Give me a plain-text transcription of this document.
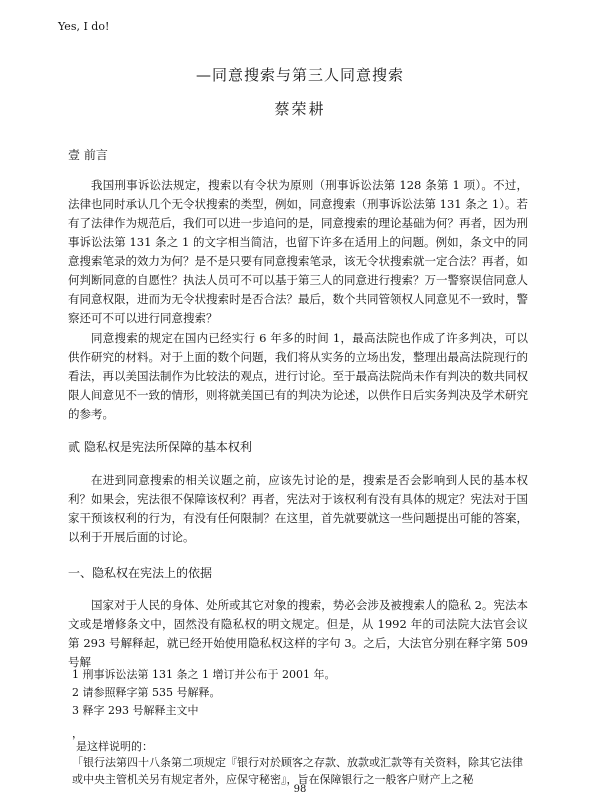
Yes, I do!
—同意搜索与第三人同意搜索
蔡荣耕
壹 前言

我国刑事诉讼法规定，搜索以有令状为原则（刑事诉讼法第 128 条第 1 项）。不过，法律也同时承认几个无令状搜索的类型，例如，同意搜索（刑事诉讼法第 131 条之 1）。若有了法律作为规范后，我们可以进一步追问的是，同意搜索的理论基础为何？再者，因为刑事诉讼法第 131 条之 1 的文字相当简洁，也留下许多在适用上的问题。例如，条文中的同意搜索笔录的效力为何？是不是只要有同意搜索笔录，该无令状搜索就一定合法？再者，如何判断同意的自愿性？执法人员可不可以基于第三人的同意进行搜索？万一警察误信同意人有同意权限，进而为无令状搜索时是否合法？最后，数个共同管领权人同意见不一致时，警察还可不可以进行同意搜索？

同意搜索的规定在国内已经实行 6 年多的时间 1，最高法院也作成了许多判决，可以供作研究的材料。对于上面的数个问题，我们将从实务的立场出发，整理出最高法院现行的看法，再以美国法制作为比较法的观点，进行讨论。至于最高法院尚未作有判决的数共同权限人间意见不一致的情形，则将就美国已有的判决为论述，以供作日后实务判决及学术研究的参考。

贰 隐私权是宪法所保障的基本权利

在进到同意搜索的相关议题之前，应该先讨论的是，搜索是否会影响到人民的基本权利？如果会，宪法很不保障该权利？再者，宪法对于该权利有没有具体的规定？宪法对于国家干预该权利的行为，有没有任何限制？在这里，首先就要就这一些问题提出可能的答案，以利于开展后面的讨论。

一、隐私权在宪法上的依据

国家对于人民的身体、处所或其它对象的搜索，势必会涉及被搜索人的隐私 2。宪法本文或是增修条文中，固然没有隐私权的明文规定。但是，从 1992 年的司法院大法官会议第 293 号解释起，就已经开始使用隐私权这样的字句 3。之后，大法官分别在释字第 509 号解

1 刑事诉讼法第 131 条之 1 增订并公布于 2001 年。
2 请参照释字第 535 号解释。
3 释字 293 号解释主文中
，
是这样说明的：

「银行法第四十八条第二项规定『银行对於顾客之存款、放款或汇款等有关资料，除其它法律或中央主管机关另有规定者外，应保守秘密』，旨在保障银行之一般客户财产上之秘

98
